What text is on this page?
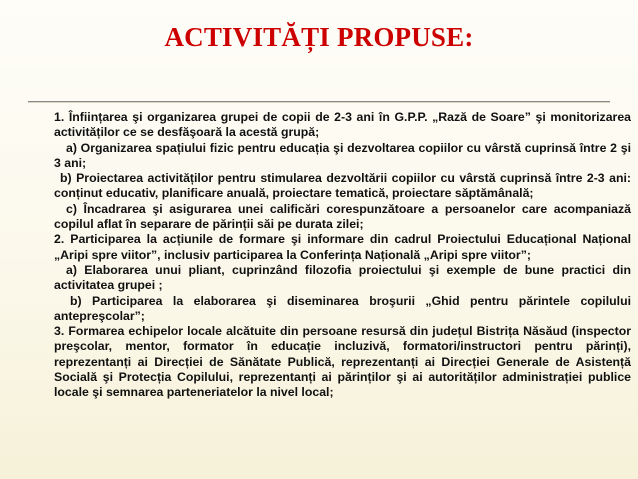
ACTIVITĂȚI PROPUSE:

1. Înființarea şi organizarea grupei de copii de 2-3 ani în G.P.P. „Rază de Soare” şi monitorizarea activităților ce se desfăşoară la acestă grupă;

a) Organizarea spațiului fizic pentru educația şi dezvoltarea copiilor cu vârstă cuprinsă între 2 şi 3 ani;

b) Proiectarea activităților pentru stimularea dezvoltării copiilor cu vârstă cuprinsă între 2-3 ani: conținut educativ, planificare anuală, proiectare tematică, proiectare săptămânală;

c) Încadrarea şi asigurarea unei calificări corespunzătoare a persoanelor care acompaniază copilul aflat în separare de părinții săi pe durata zilei;

2. Participarea la acțiunile de formare şi informare din cadrul Proiectului Educațional Național „Aripi spre viitor”, inclusiv participarea la Conferința Națională „Aripi spre viitor”;

a) Elaborarea unui pliant, cuprinzând filozofia proiectului şi exemple de bune practici din activitatea grupei ;

b) Participarea la elaborarea şi diseminarea broşurii „Ghid pentru părintele copilului antepreşcolar”;

3. Formarea echipelor locale alcătuite din persoane resursă din județul Bistrița Năsăud (inspector preşcolar, mentor, formator în educație incluzivă, formatori/instructori pentru părinți), reprezentanți ai Direcției de Sănătate Publică, reprezentanți ai Direcției Generale de Asistență Socială şi Protecția Copilului, reprezentanți ai părinților şi ai autorităților administrației publice locale şi semnarea parteneriatelor la nivel local;
